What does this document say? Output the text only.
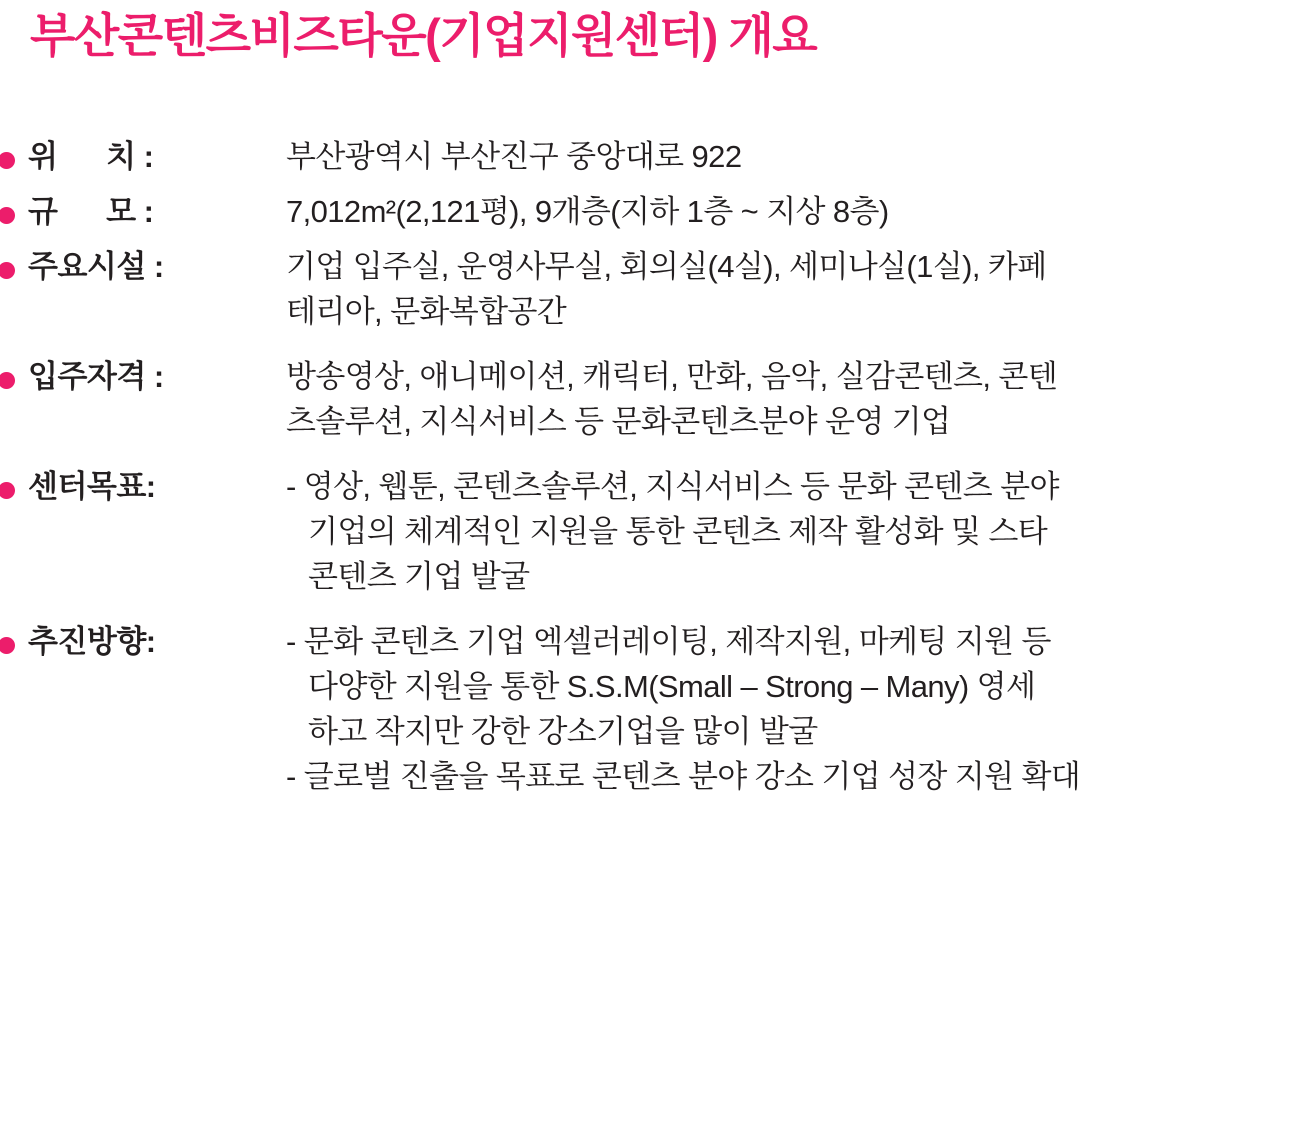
부산콘텐츠비즈타운(기업지원센터) 개요
위      치 :	부산광역시 부산진구 중앙대로 922
규      모 :	7,012m²(2,121평), 9개층(지하 1층 ~ 지상 8층)
주요시설 :	기업 입주실, 운영사무실, 회의실(4실), 세미나실(1실), 카페
테리아, 문화복합공간
입주자격 :	방송영상, 애니메이션, 캐릭터, 만화, 음악, 실감콘텐츠, 콘텐
츠솔루션, 지식서비스 등 문화콘텐츠분야 운영 기업
센터목표:	- 영상, 웹툰, 콘텐츠솔루션, 지식서비스 등 문화 콘텐츠 분야
기업의 체계적인 지원을 통한 콘텐츠 제작 활성화 및 스타
콘텐츠 기업 발굴
추진방향:	- 문화 콘텐츠 기업 엑셀러레이팅, 제작지원, 마케팅 지원 등
다양한 지원을 통한 S.S.M(Small – Strong – Many) 영세
하고 작지만 강한 강소기업을 많이 발굴
- 글로벌 진출을 목표로 콘텐츠 분야 강소 기업 성장 지원 확대
